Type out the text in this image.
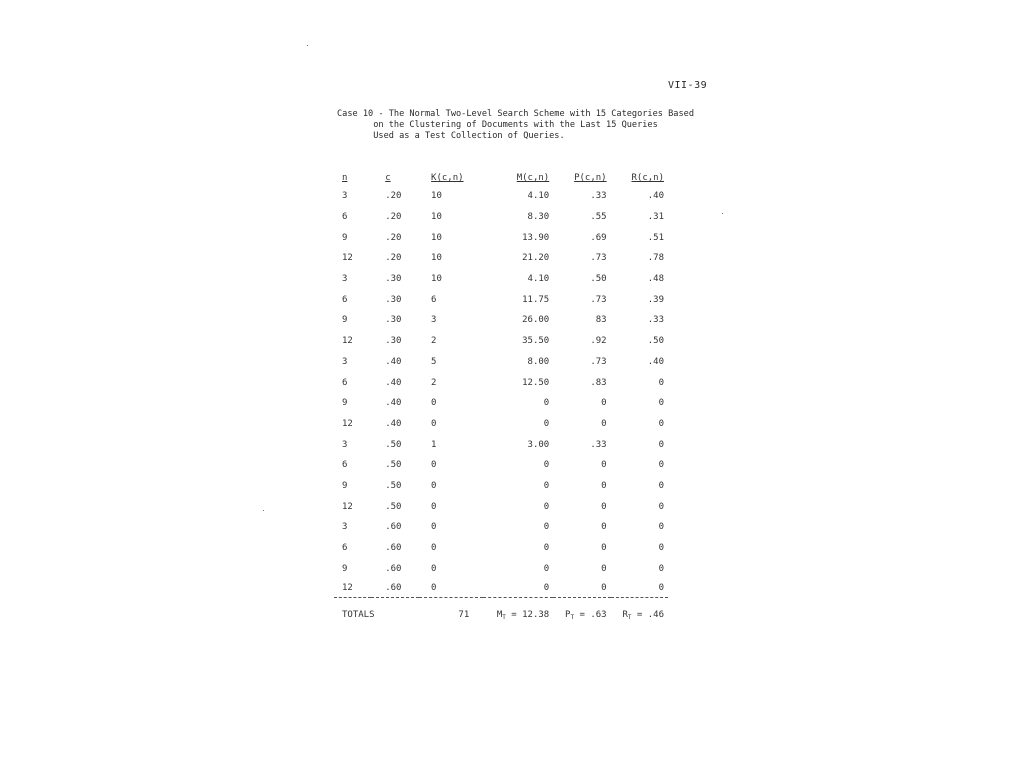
VII-39
Case 10 - The Normal Two-Level Search Scheme with 15 Categories Based
on the Clustering of Documents with the Last 15 Queries
Used as a Test Collection of Queries.
n	c	K(c,n)	M(c,n)	P(c,n)	R(c,n)
3	.20	10	4.10	.33	.40
6	.20	10	8.30	.55	.31
9	.20	10	13.90	.69	.51
12	.20	10	21.20	.73	.78
3	.30	10	4.10	.50	.48
6	.30	6	11.75	.73	.39
9	.30	3	26.00	83	.33
12	.30	2	35.50	.92	.50
3	.40	5	8.00	.73	.40
6	.40	2	12.50	.83	0
9	.40	0	0	0	0
12	.40	0	0	0	0
3	.50	1	3.00	.33	0
6	.50	0	0	0	0
9	.50	0	0	0	0
12	.50	0	0	0	0
3	.60	0	0	0	0
6	.60	0	0	0	0
9	.60	0	0	0	0
12	.60	0	0	0	0
TOTALS		71	$M_T = 12.38$	$P_T = .63$	$R_T = .46$
